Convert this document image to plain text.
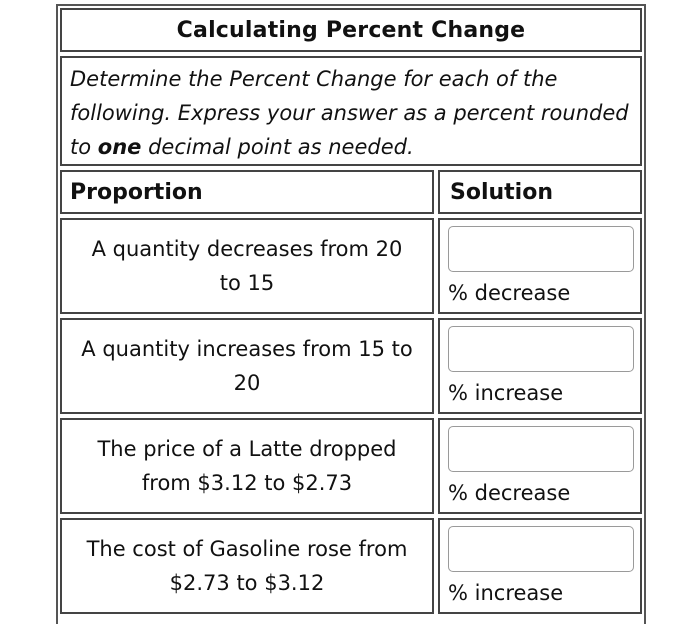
Calculating Percent Change

Determine the Percent Change for each of the following. Express your answer as a percent rounded to one decimal point as needed.

Proportion	Solution
A quantity decreases from 20
to 15	% decrease
A quantity increases from 15 to
20	% increase
The price of a Latte dropped
from $3.12 to $2.73	% decrease
The cost of Gasoline rose from
$2.73 to $3.12	% increase
